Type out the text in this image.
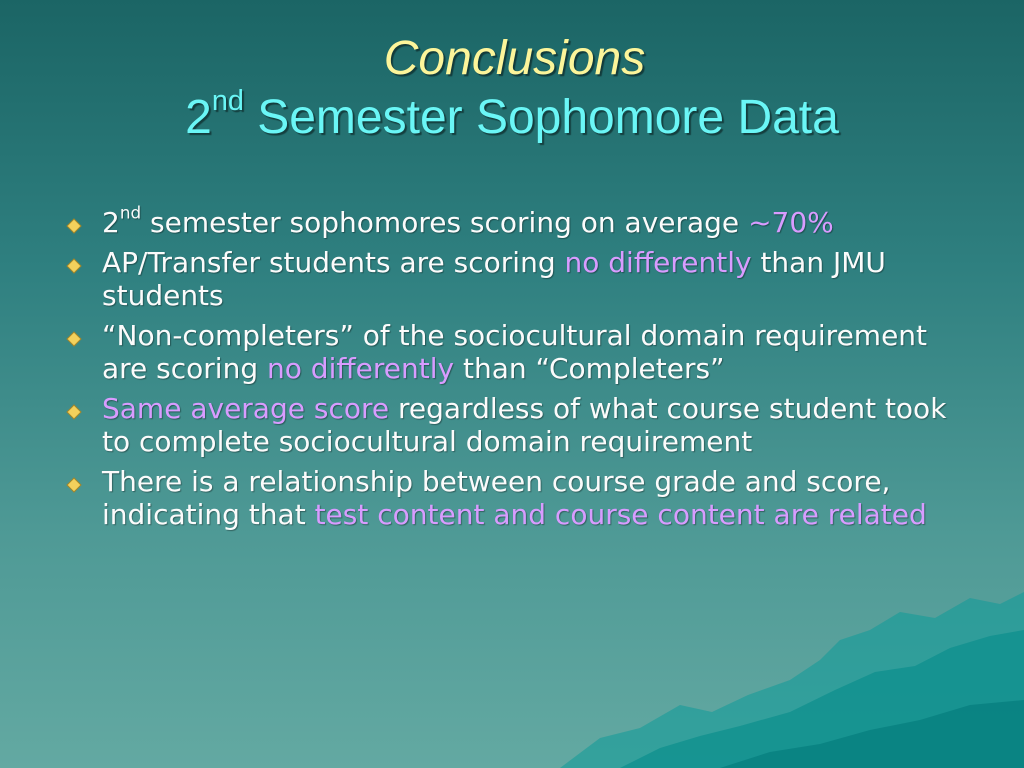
Conclusions
2nd Semester Sophomore Data
2nd semester sophomores scoring on average ~70%
AP/Transfer students are scoring no differently than JMU students
“Non-completers” of the sociocultural domain requirement are scoring no differently than “Completers”
Same average score regardless of what course student took to complete sociocultural domain requirement
There is a relationship between course grade and score, indicating that test content and course content are related
